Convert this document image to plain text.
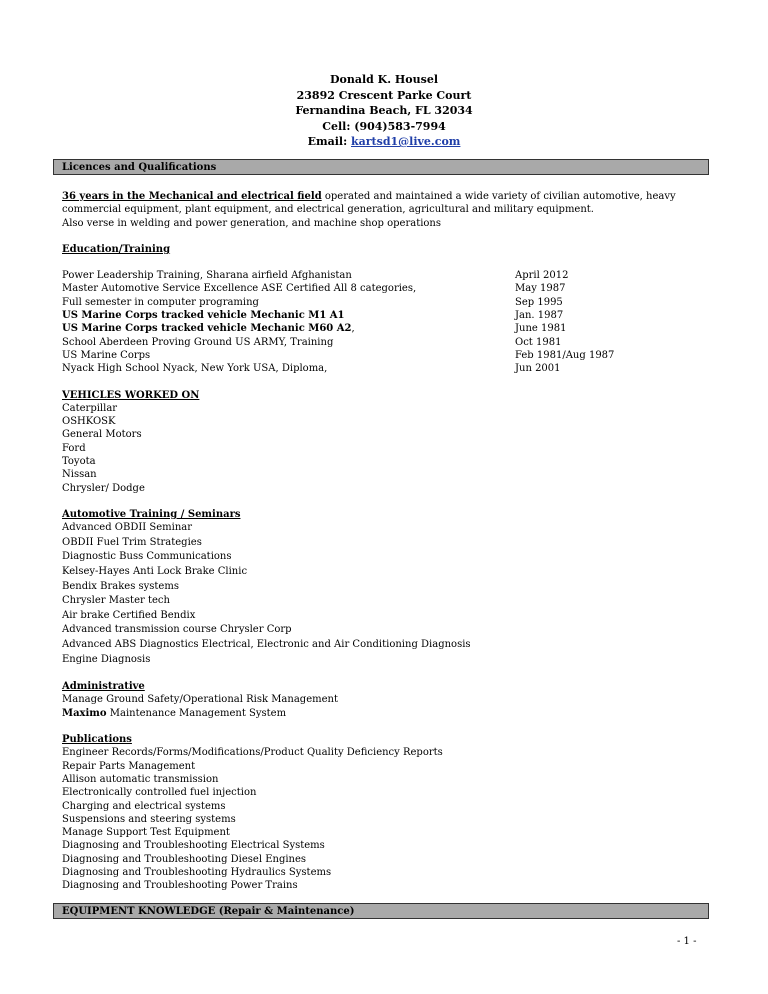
Donald K. Housel
23892 Crescent Parke Court
Fernandina Beach, FL 32034
Cell: (904)583-7994
Email: kartsd1@live.com
Licences and Qualifications

36 years in the Mechanical and electrical field operated and maintained a wide variety of civilian automotive, heavy commercial equipment, plant equipment, and electrical generation, agricultural and military equipment.

Also verse in welding and power generation, and machine shop operations

Education/Training

Power Leadership Training, Sharana airfield Afghanistan	April 2012
Master Automotive Service Excellence ASE Certified All 8 categories,	May 1987
Full semester in computer programing	Sep 1995
US Marine Corps tracked vehicle Mechanic M1 A1	Jan. 1987
US Marine Corps tracked vehicle Mechanic M60 A2,	June 1981
School Aberdeen Proving Ground US ARMY, Training	Oct 1981
US Marine Corps	Feb 1981/Aug 1987
Nyack High School Nyack, New York USA, Diploma,	Jun 2001

VEHICLES WORKED ON

Caterpillar
OSHKOSK
General Motors
Ford
Toyota
Nissan
Chrysler/ Dodge

Automotive Training / Seminars

Advanced OBDII Seminar
OBDII Fuel Trim Strategies
Diagnostic Buss Communications
Kelsey-Hayes Anti Lock Brake Clinic
Bendix Brakes systems
Chrysler Master tech
Air brake Certified Bendix
Advanced transmission course Chrysler Corp
Advanced ABS Diagnostics Electrical, Electronic and Air Conditioning Diagnosis
Engine Diagnosis

Administrative

Manage Ground Safety/Operational Risk Management

Maximo Maintenance Management System

Publications

Engineer Records/Forms/Modifications/Product Quality Deficiency Reports
Repair Parts Management
Allison automatic transmission
Electronically controlled fuel injection
Charging and electrical systems
Suspensions and steering systems
Manage Support Test Equipment
Diagnosing and Troubleshooting Electrical Systems
Diagnosing and Troubleshooting Diesel Engines
Diagnosing and Troubleshooting Hydraulics Systems
Diagnosing and Troubleshooting Power Trains
EQUIPMENT KNOWLEDGE (Repair & Maintenance)
- 1 -
